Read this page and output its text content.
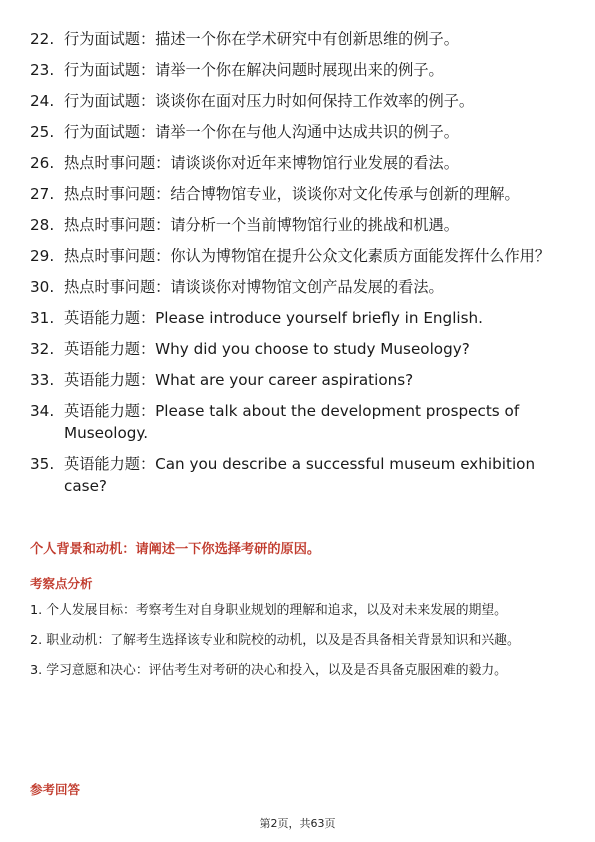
22. 行为面试题：描述一个你在学术研究中有创新思维的例子。
23. 行为面试题：请举一个你在解决问题时展现出来的例子。
24. 行为面试题：谈谈你在面对压力时如何保持工作效率的例子。
25. 行为面试题：请举一个你在与他人沟通中达成共识的例子。
26. 热点时事问题：请谈谈你对近年来博物馆行业发展的看法。
27. 热点时事问题：结合博物馆专业，谈谈你对文化传承与创新的理解。
28. 热点时事问题：请分析一个当前博物馆行业的挑战和机遇。
29. 热点时事问题：你认为博物馆在提升公众文化素质方面能发挥什么作用？
30. 热点时事问题：请谈谈你对博物馆文创产品发展的看法。
31. 英语能力题：Please introduce yourself briefly in English.
32. 英语能力题：Why did you choose to study Museology?
33. 英语能力题：What are your career aspirations?
34. 英语能力题：Please talk about the development prospects of Museology.
35. 英语能力题：Can you describe a successful museum exhibition case?
个人背景和动机：请阐述一下你选择考研的原因。
考察点分析
1. 个人发展目标：考察考生对自身职业规划的理解和追求，以及对未来发展的期望。
2. 职业动机：了解考生选择该专业和院校的动机，以及是否具备相关背景知识和兴趣。
3. 学习意愿和决心：评估考生对考研的决心和投入，以及是否具备克服困难的毅力。
参考回答
第2页，共63页
